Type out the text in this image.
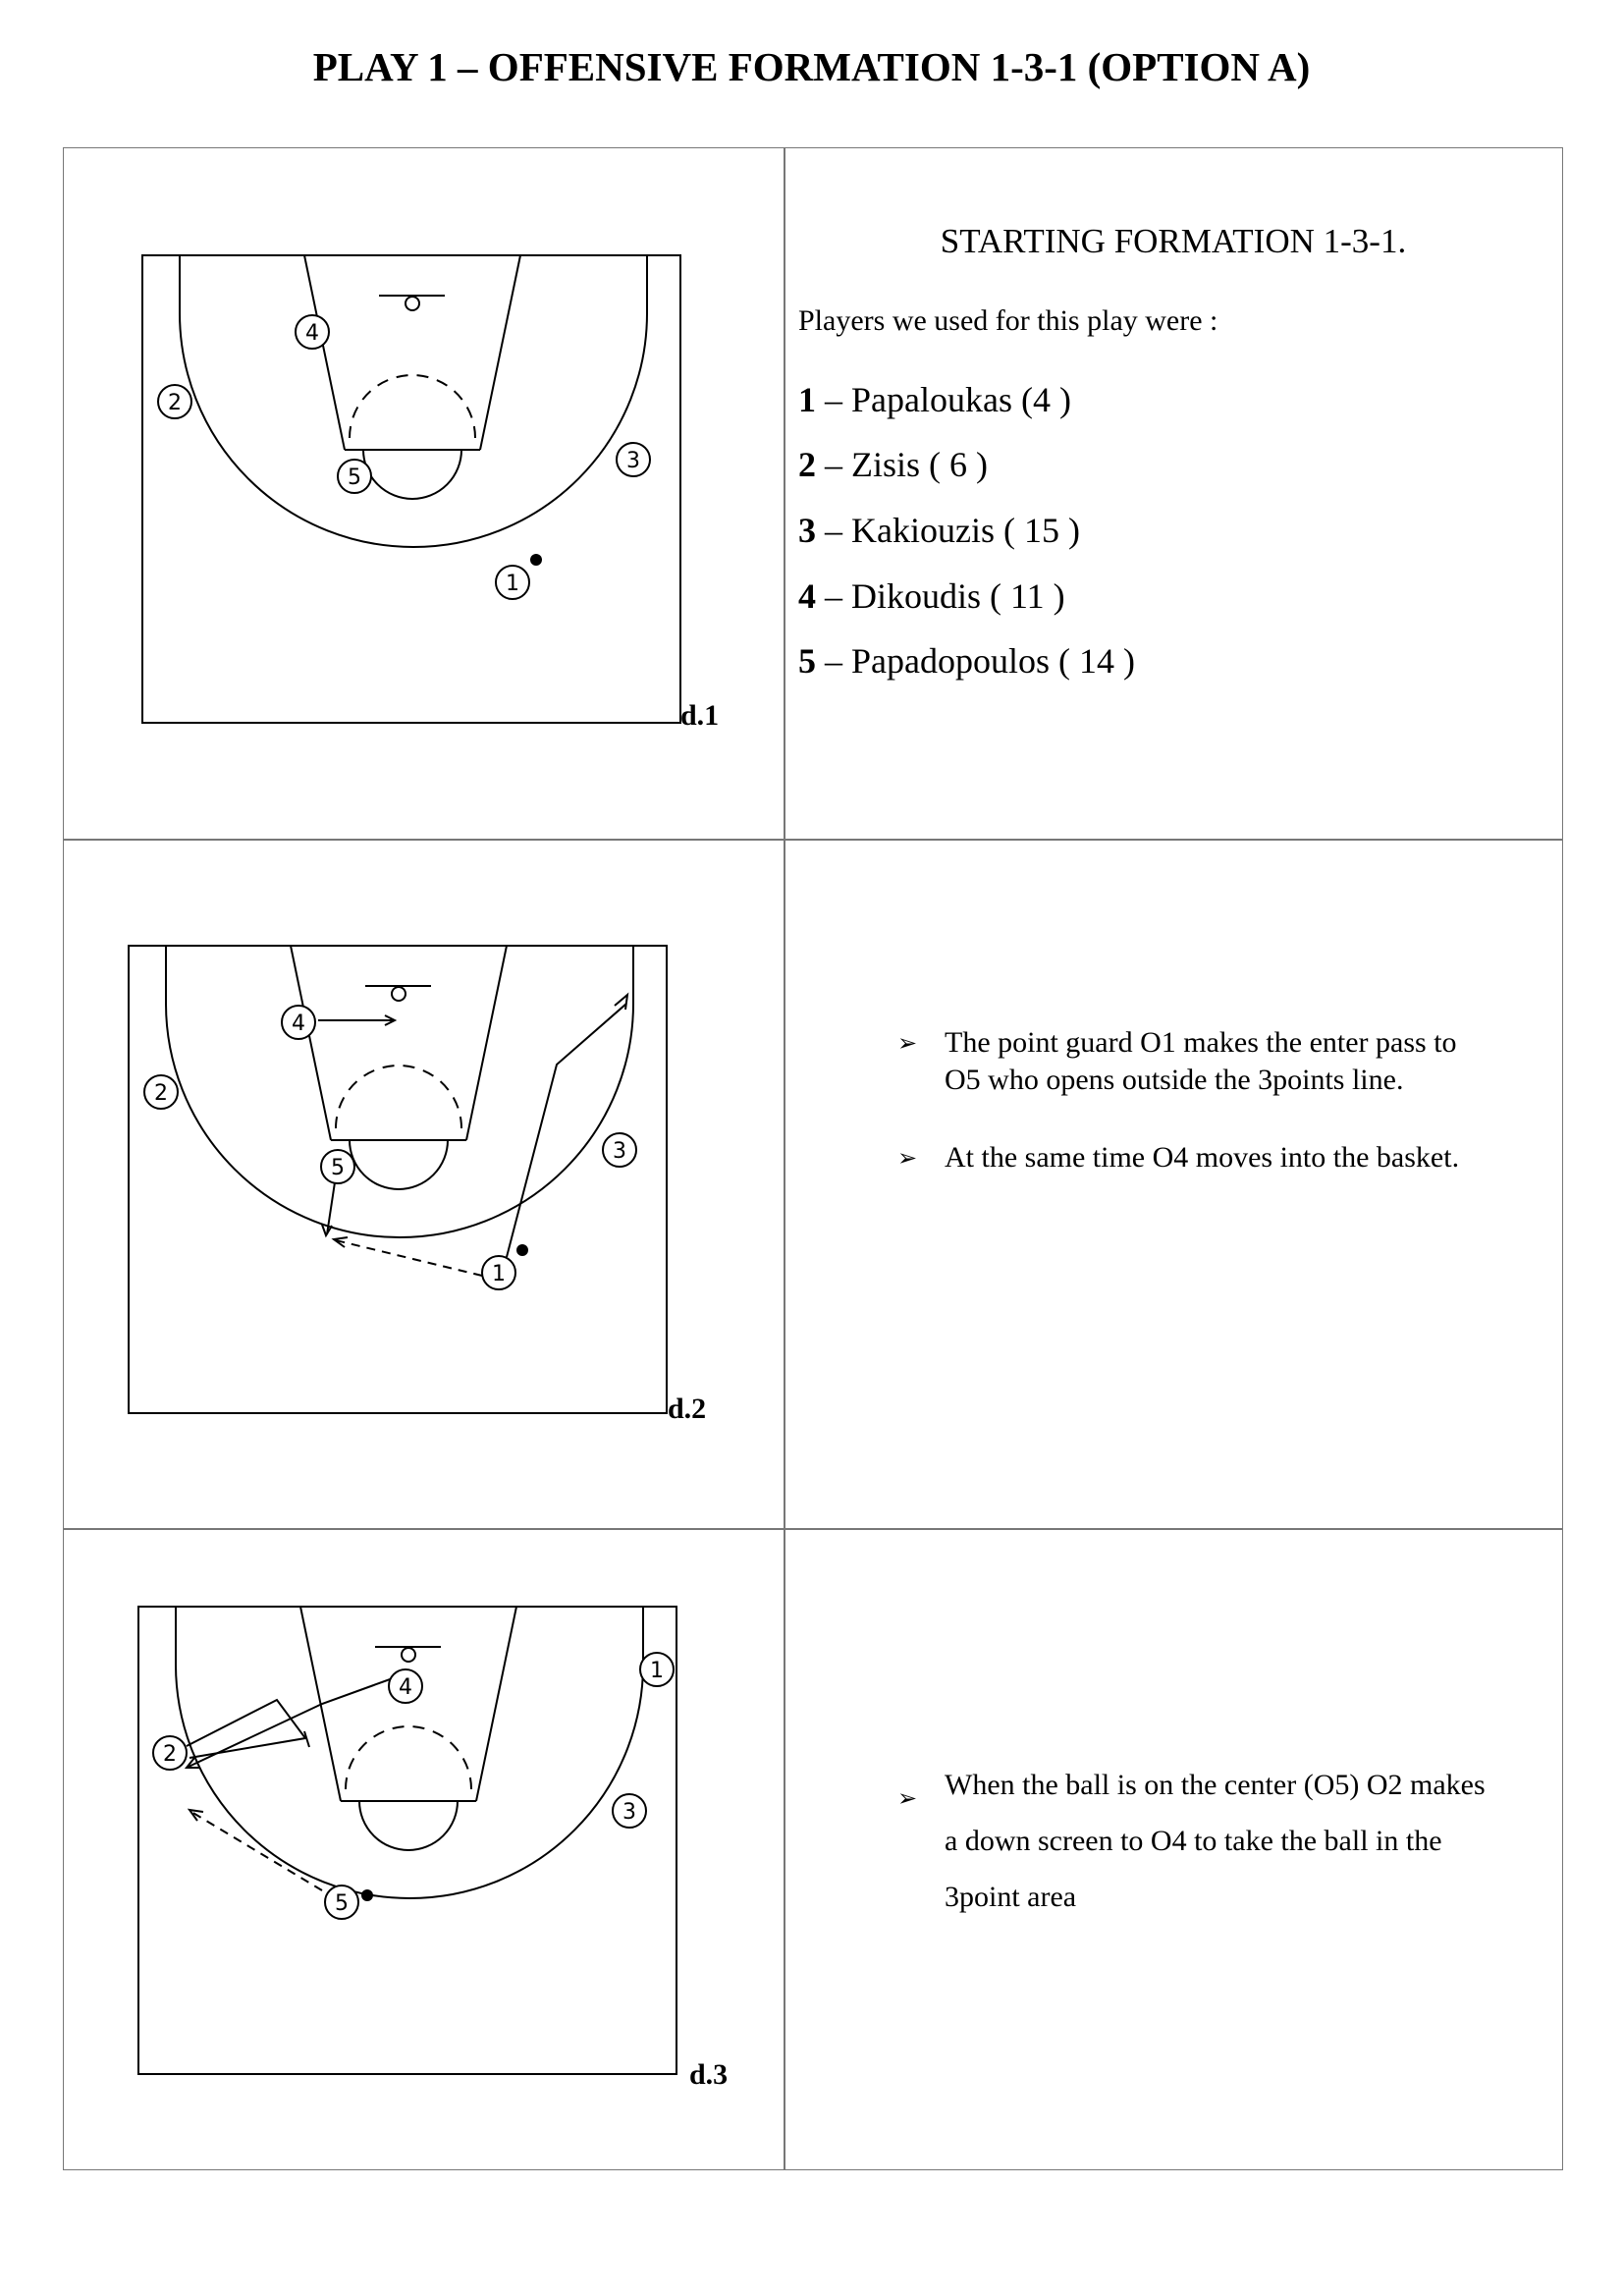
PLAY 1 – OFFENSIVE FORMATION 1-3-1 (OPTION A)
4
2
5
3
1
d.1
STARTING FORMATION 1-3-1.
Players we used for this play were :
1 – Papaloukas (4 )
2 – Zisis ( 6 )
3 – Kakiouzis ( 15 )
4 – Dikoudis ( 11 )
5 – Papadopoulos ( 14 )
4
2
5
3
1
d.2
➢ The point guard O1 makes the enter pass to
O5 who opens outside the 3points line.
➢ At the same time O4 moves into the basket.
1
4
2
3
5
d.3
➢ When the ball is on the center (O5) O2 makes
a down screen to O4 to take the ball in the
3point area
